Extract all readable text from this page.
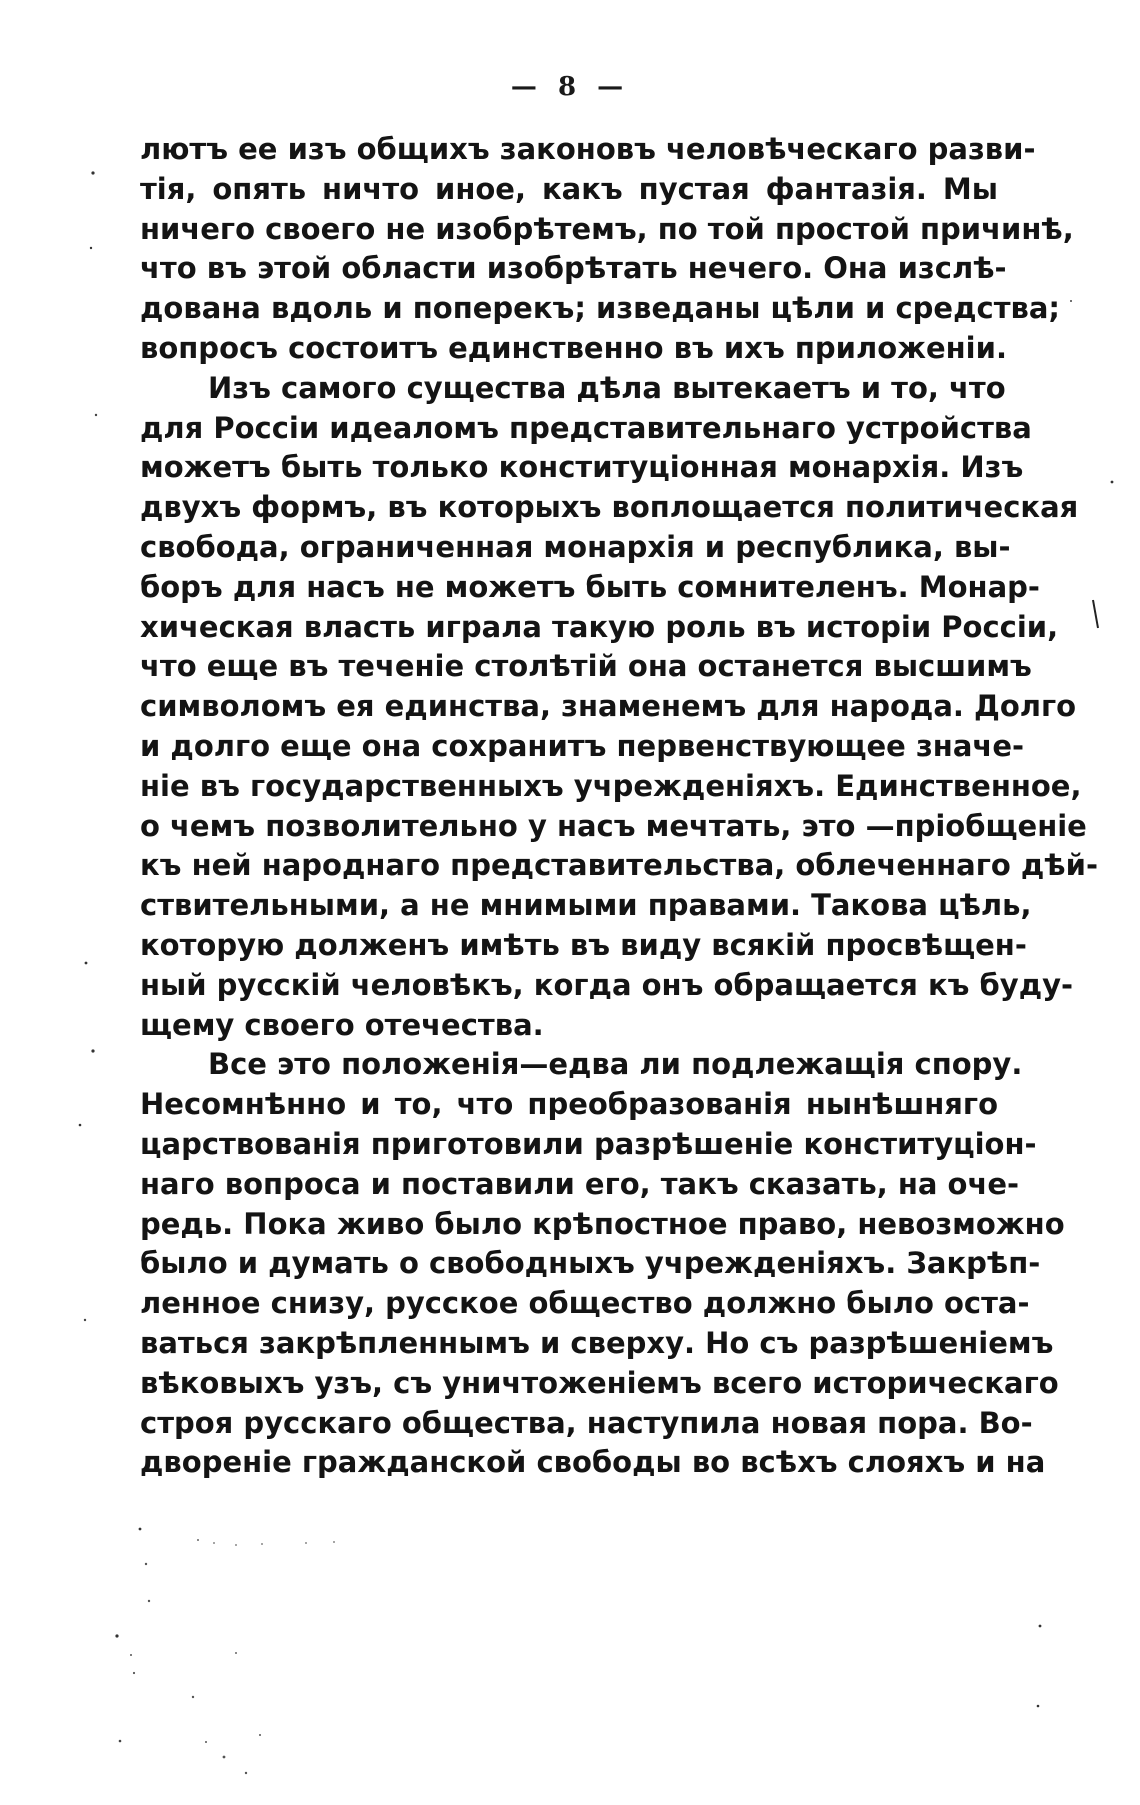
— 8 —
лютъ ее изъ общихъ законовъ человѣческаго разви-
тія, опять ничто иное, какъ пустая фантазія. Мы
ничего своего не изобрѣтемъ, по той простой причинѣ,
что въ этой области изобрѣтать нечего. Она изслѣ-
дована вдоль и поперекъ; изведаны цѣли и средства;
вопросъ состоитъ единственно въ ихъ приложеніи.
Изъ самого существа дѣла вытекаетъ и то, что
для Россіи идеаломъ представительнаго устройства
можетъ быть только конституціонная монархія. Изъ
двухъ формъ, въ которыхъ воплощается политическая
свобода, ограниченная монархія и республика, вы-
боръ для насъ не можетъ быть сомнителенъ. Монар-
хическая власть играла такую роль въ исторіи Россіи,
что еще въ теченіе столѣтій она останется высшимъ
символомъ ея единства, знаменемъ для народа. Долго
и долго еще она сохранитъ первенствующее значе-
ніе въ государственныхъ учрежденіяхъ. Единственное,
о чемъ позволительно у насъ мечтать, это —пріобщеніе
къ ней народнаго представительства, облеченнаго дѣй-
ствительными, а не мнимыми правами. Такова цѣль,
которую долженъ имѣть въ виду всякій просвѣщен-
ный русскій человѣкъ, когда онъ обращается къ буду-
щему своего отечества.
Все это положенія—едва ли подлежащія спору.
Несомнѣнно и то, что преобразованія нынѣшняго
царствованія приготовили разрѣшеніе конституціон-
наго вопроса и поставили его, такъ сказать, на оче-
редь. Пока живо было крѣпостное право, невозможно
было и думать о свободныхъ учрежденіяхъ. Закрѣп-
ленное снизу, русское общество должно было оста-
ваться закрѣпленнымъ и сверху. Но съ разрѣшеніемъ
вѣковыхъ узъ, съ уничтоженіемъ всего историческаго
строя русскаго общества, наступила новая пора. Во-
двореніе гражданской свободы во всѣхъ слояхъ и на
